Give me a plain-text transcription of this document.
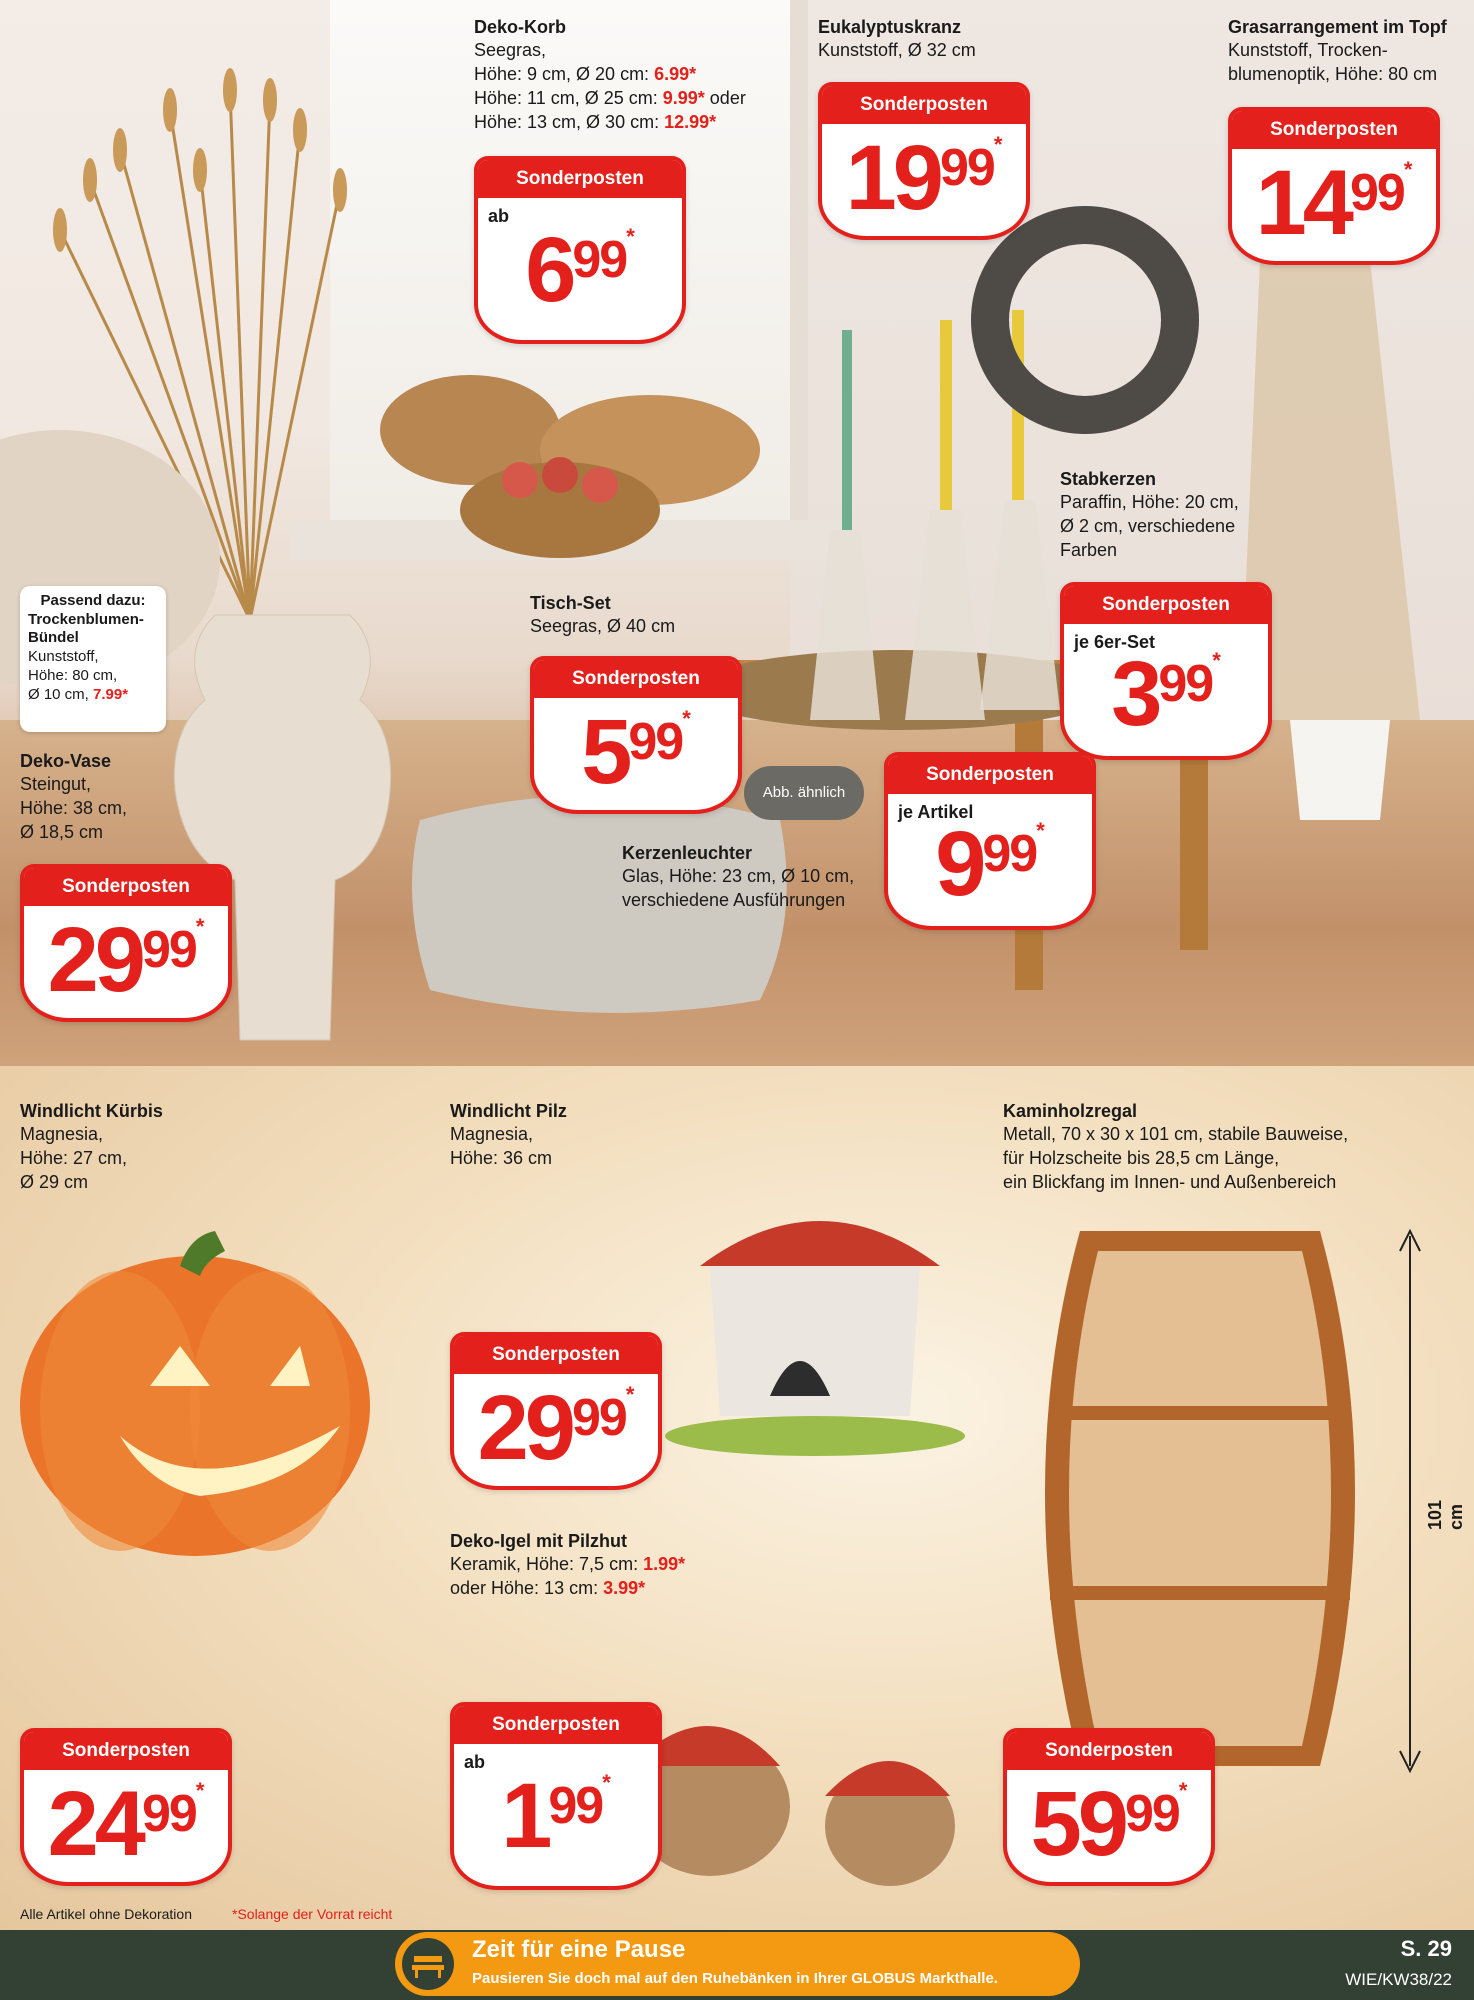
Deko-Korb
Seegras,
Höhe: 9 cm, Ø 20 cm: 6.99*
Höhe: 11 cm, Ø 25 cm: 9.99* oder
Höhe: 13 cm, Ø 30 cm: 12.99*
Sonderposten
ab
699*
Eukalyptuskranz
Kunststoff, Ø 32 cm
Sonderposten
1999*
Grasarrangement im Topf
Kunststoff, Trocken-
blumenoptik, Höhe: 80 cm
Sonderposten
1499*
Stabkerzen
Paraffin, Höhe: 20 cm,
Ø 2 cm, verschiedene
Farben
Sonderposten
je 6er-Set
399*
Tisch-Set
Seegras, Ø 40 cm
Sonderposten
599*
Abb. ähnlich
Kerzenleuchter
Glas, Höhe: 23 cm, Ø 10 cm,
verschiedene Ausführungen
Sonderposten
je Artikel
999*
Passend dazu:
Trockenblumen-
Bündel
Kunststoff,
Höhe: 80 cm,
Ø 10 cm, 7.99*
Deko-Vase
Steingut,
Höhe: 38 cm,
Ø 18,5 cm
Sonderposten
2999*
101 cm
Windlicht Kürbis
Magnesia,
Höhe: 27 cm,
Ø 29 cm
Sonderposten
2499*
Windlicht Pilz
Magnesia,
Höhe: 36 cm
Sonderposten
2999*
Deko-Igel mit Pilzhut
Keramik, Höhe: 7,5 cm: 1.99*
oder Höhe: 13 cm: 3.99*
Sonderposten
ab
199*
Kaminholzregal
Metall, 70 x 30 x 101 cm, stabile Bauweise,
für Holzscheite bis 28,5 cm Länge,
ein Blickfang im Innen- und Außenbereich
Sonderposten
5999*
Alle Artikel ohne Dekoration	*Solange der Vorrat reicht
Zeit für eine Pause
Pausieren Sie doch mal auf den Ruhebänken in Ihrer GLOBUS Markthalle.
S. 29
WIE/KW38/22
